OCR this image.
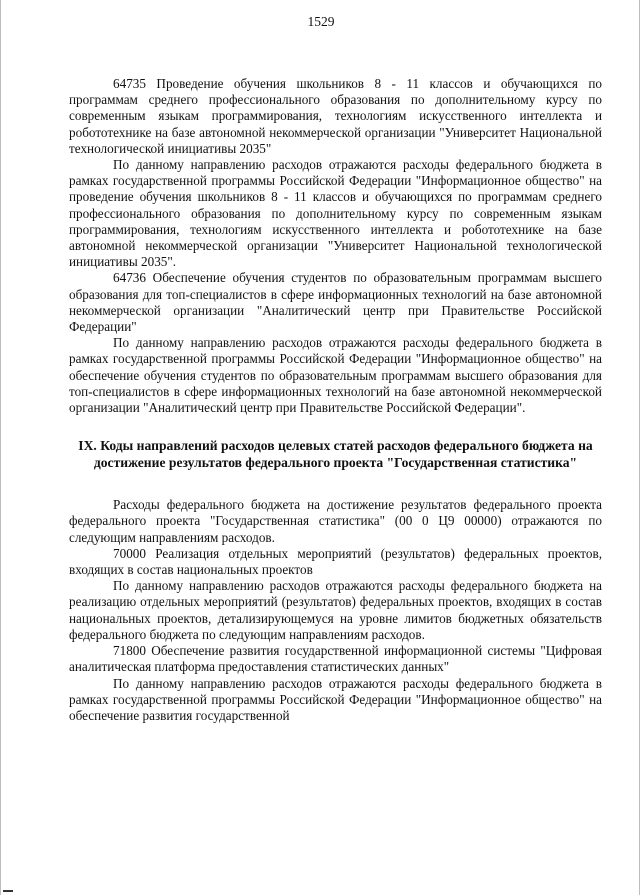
1529

64735 Проведение обучения школьников 8 - 11 классов и обучающихся по программам среднего профессионального образования по дополнительному курсу по современным языкам программирования, технологиям искусственного интеллекта и робототехнике на базе автономной некоммерческой организации "Университет Национальной технологической инициативы 2035"

По данному направлению расходов отражаются расходы федерального бюджета в рамках государственной программы Российской Федерации "Информационное общество" на проведение обучения школьников 8 - 11 классов и обучающихся по программам среднего профессионального образования по дополнительному курсу по современным языкам программирования, технологиям искусственного интеллекта и робототехнике на базе автономной некоммерческой организации "Университет Национальной технологической инициативы 2035".

64736 Обеспечение обучения студентов по образовательным программам высшего образования для топ-специалистов в сфере информационных технологий на базе автономной некоммерческой организации "Аналитический центр при Правительстве Российской Федерации"

По данному направлению расходов отражаются расходы федерального бюджета в рамках государственной программы Российской Федерации "Информационное общество" на обеспечение обучения студентов по образовательным программам высшего образования для топ-специалистов в сфере информационных технологий на базе автономной некоммерческой организации "Аналитический центр при Правительстве Российской Федерации".

IX. Коды направлений расходов целевых статей расходов федерального бюджета на достижение результатов федерального проекта "Государственная статистика"

Расходы федерального бюджета на достижение результатов федерального проекта федерального проекта "Государственная статистика" (00 0 Ц9 00000) отражаются по следующим направлениям расходов.

70000 Реализация отдельных мероприятий (результатов) федеральных проектов, входящих в состав национальных проектов

По данному направлению расходов отражаются расходы федерального бюджета на реализацию отдельных мероприятий (результатов) федеральных проектов, входящих в состав национальных проектов, детализирующемуся на уровне лимитов бюджетных обязательств федерального бюджета по следующим направлениям расходов.

71800 Обеспечение развития государственной информационной системы "Цифровая аналитическая платформа предоставления статистических данных"

По данному направлению расходов отражаются расходы федерального бюджета в рамках государственной программы Российской Федерации "Информационное общество" на обеспечение развития государственной
